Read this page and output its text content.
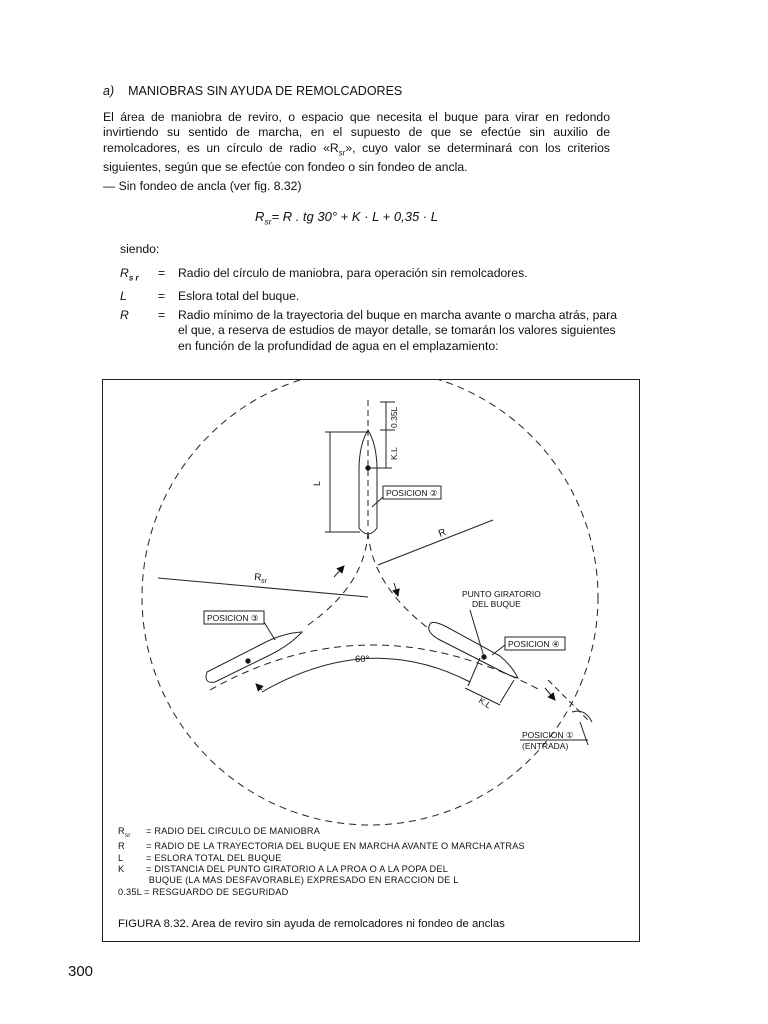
a) MANIOBRAS SIN AYUDA DE REMOLCADORES
El área de maniobra de reviro, o espacio que necesita el buque para virar en redondo invirtiendo su sentido de marcha, en el supuesto de que se efectúe sin auxilio de remolcadores, es un círculo de radio «$R_{sr}$», cuyo valor se determinará con los criterios siguientes, según que se efectúe con fondeo o sin fondeo de ancla.
— Sin fondeo de ancla (ver fig. 8.32)
$R_{sr}= R$ . tg 30° + K · L + 0,35 · L
siendo:
$R_{s r}$ = Radio del círculo de maniobra, para operación sin remolcadores.
L	= Eslora total del buque.
R = Radio mínimo de la trayectoria del buque en marcha avante o marcha atrás, para el que, a reserva de estudios de mayor detalle, se tomarán los valores siguientes en función de la profundidad de agua en el emplazamiento:
POSICION ②
POSICION ③
POSICION ④
POSICION ①
(ENTRADA)
PUNTO GIRATORIO
DEL BUQUE
R
$R_{sr}$
L
K.L
0.35L
60°
K.L
$R_{sr}$ = RADIO DEL CIRCULO DE MANIOBRA
R = RADIO DE LA TRAYECTORIA DEL BUQUE EN MARCHA AVANTE O MARCHA ATRAS
L = ESLORA TOTAL DEL BUQUE
K = DISTANCIA DEL PUNTO GIRATORIO A LA PROA O A LA POPA DEL
BUQUE (LA MAS DESFAVORABLE) EXPRESADO EN ERACCION DE L
0.35L = RESGUARDO DE SEGURIDAD
FIGURA 8.32. Area de reviro sin ayuda de remolcadores ni fondeo de anclas
300
